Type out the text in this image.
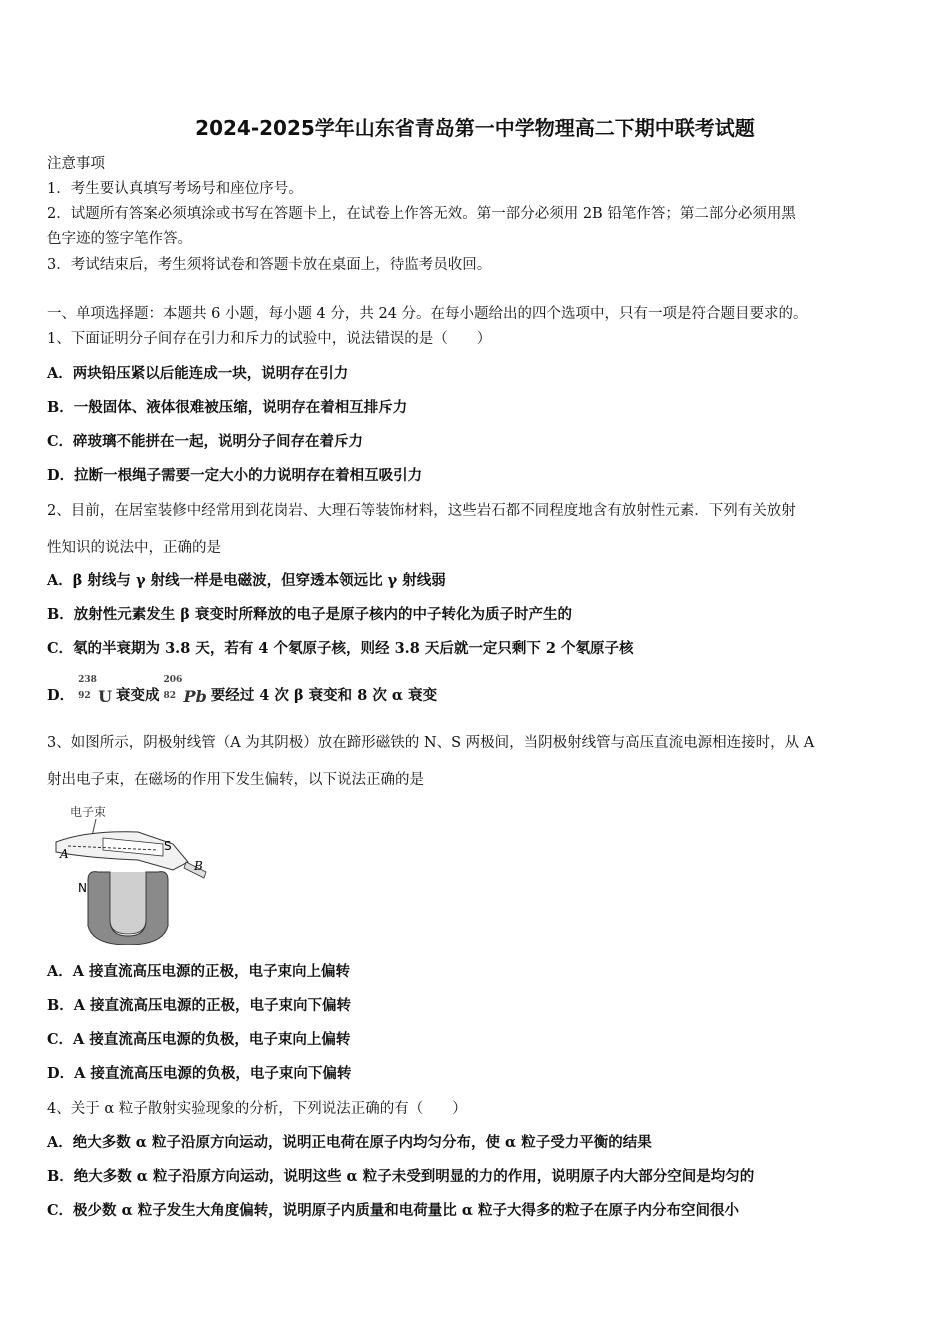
2024-2025学年山东省青岛第一中学物理高二下期中联考试题
注意事项
1．考生要认真填写考场号和座位序号。
2．试题所有答案必须填涂或书写在答题卡上，在试卷上作答无效。第一部分必须用 2B 铅笔作答；第二部分必须用黑
色字迹的签字笔作答。
3．考试结束后，考生须将试卷和答题卡放在桌面上，待监考员收回。
一、单项选择题：本题共 6 小题，每小题 4 分，共 24 分。在每小题给出的四个选项中，只有一项是符合题目要求的。
1、下面证明分子间存在引力和斥力的试验中，说法错误的是（　　）
A．两块铅压紧以后能连成一块，说明存在引力
B．一般固体、液体很难被压缩，说明存在着相互排斥力
C．碎玻璃不能拼在一起，说明分子间存在着斥力
D．拉断一根绳子需要一定大小的力说明存在着相互吸引力
2、目前，在居室装修中经常用到花岗岩、大理石等装饰材料，这些岩石都不同程度地含有放射性元素．下列有关放射
性知识的说法中，正确的是
A．β 射线与 γ 射线一样是电磁波，但穿透本领远比 γ 射线弱
B．放射性元素发生 β 衰变时所释放的电子是原子核内的中子转化为质子时产生的
C．氡的半衰期为 3.8 天，若有 4 个氡原子核，则经 3.8 天后就一定只剩下 2 个氡原子核
D．
238
92 U 衰变成
206
82 Pb 要经过 4 次 β 衰变和 8 次 α 衰变
3、如图所示，阴极射线管（A 为其阴极）放在蹄形磁铁的 N、S 两极间，当阴极射线管与高压直流电源相连接时，从 A
射出电子束，在磁场的作用下发生偏转，以下说法正确的是
电子束
S
N
A
B
A．A 接直流高压电源的正极，电子束向上偏转
B．A 接直流高压电源的正极，电子束向下偏转
C．A 接直流高压电源的负极，电子束向上偏转
D．A 接直流高压电源的负极，电子束向下偏转
4、关于 α 粒子散射实验现象的分析，下列说法正确的有（　　）
A．绝大多数 α 粒子沿原方向运动，说明正电荷在原子内均匀分布，使 α 粒子受力平衡的结果
B．绝大多数 α 粒子沿原方向运动，说明这些 α 粒子未受到明显的力的作用，说明原子内大部分空间是均匀的
C．极少数 α 粒子发生大角度偏转，说明原子内质量和电荷量比 α 粒子大得多的粒子在原子内分布空间很小
